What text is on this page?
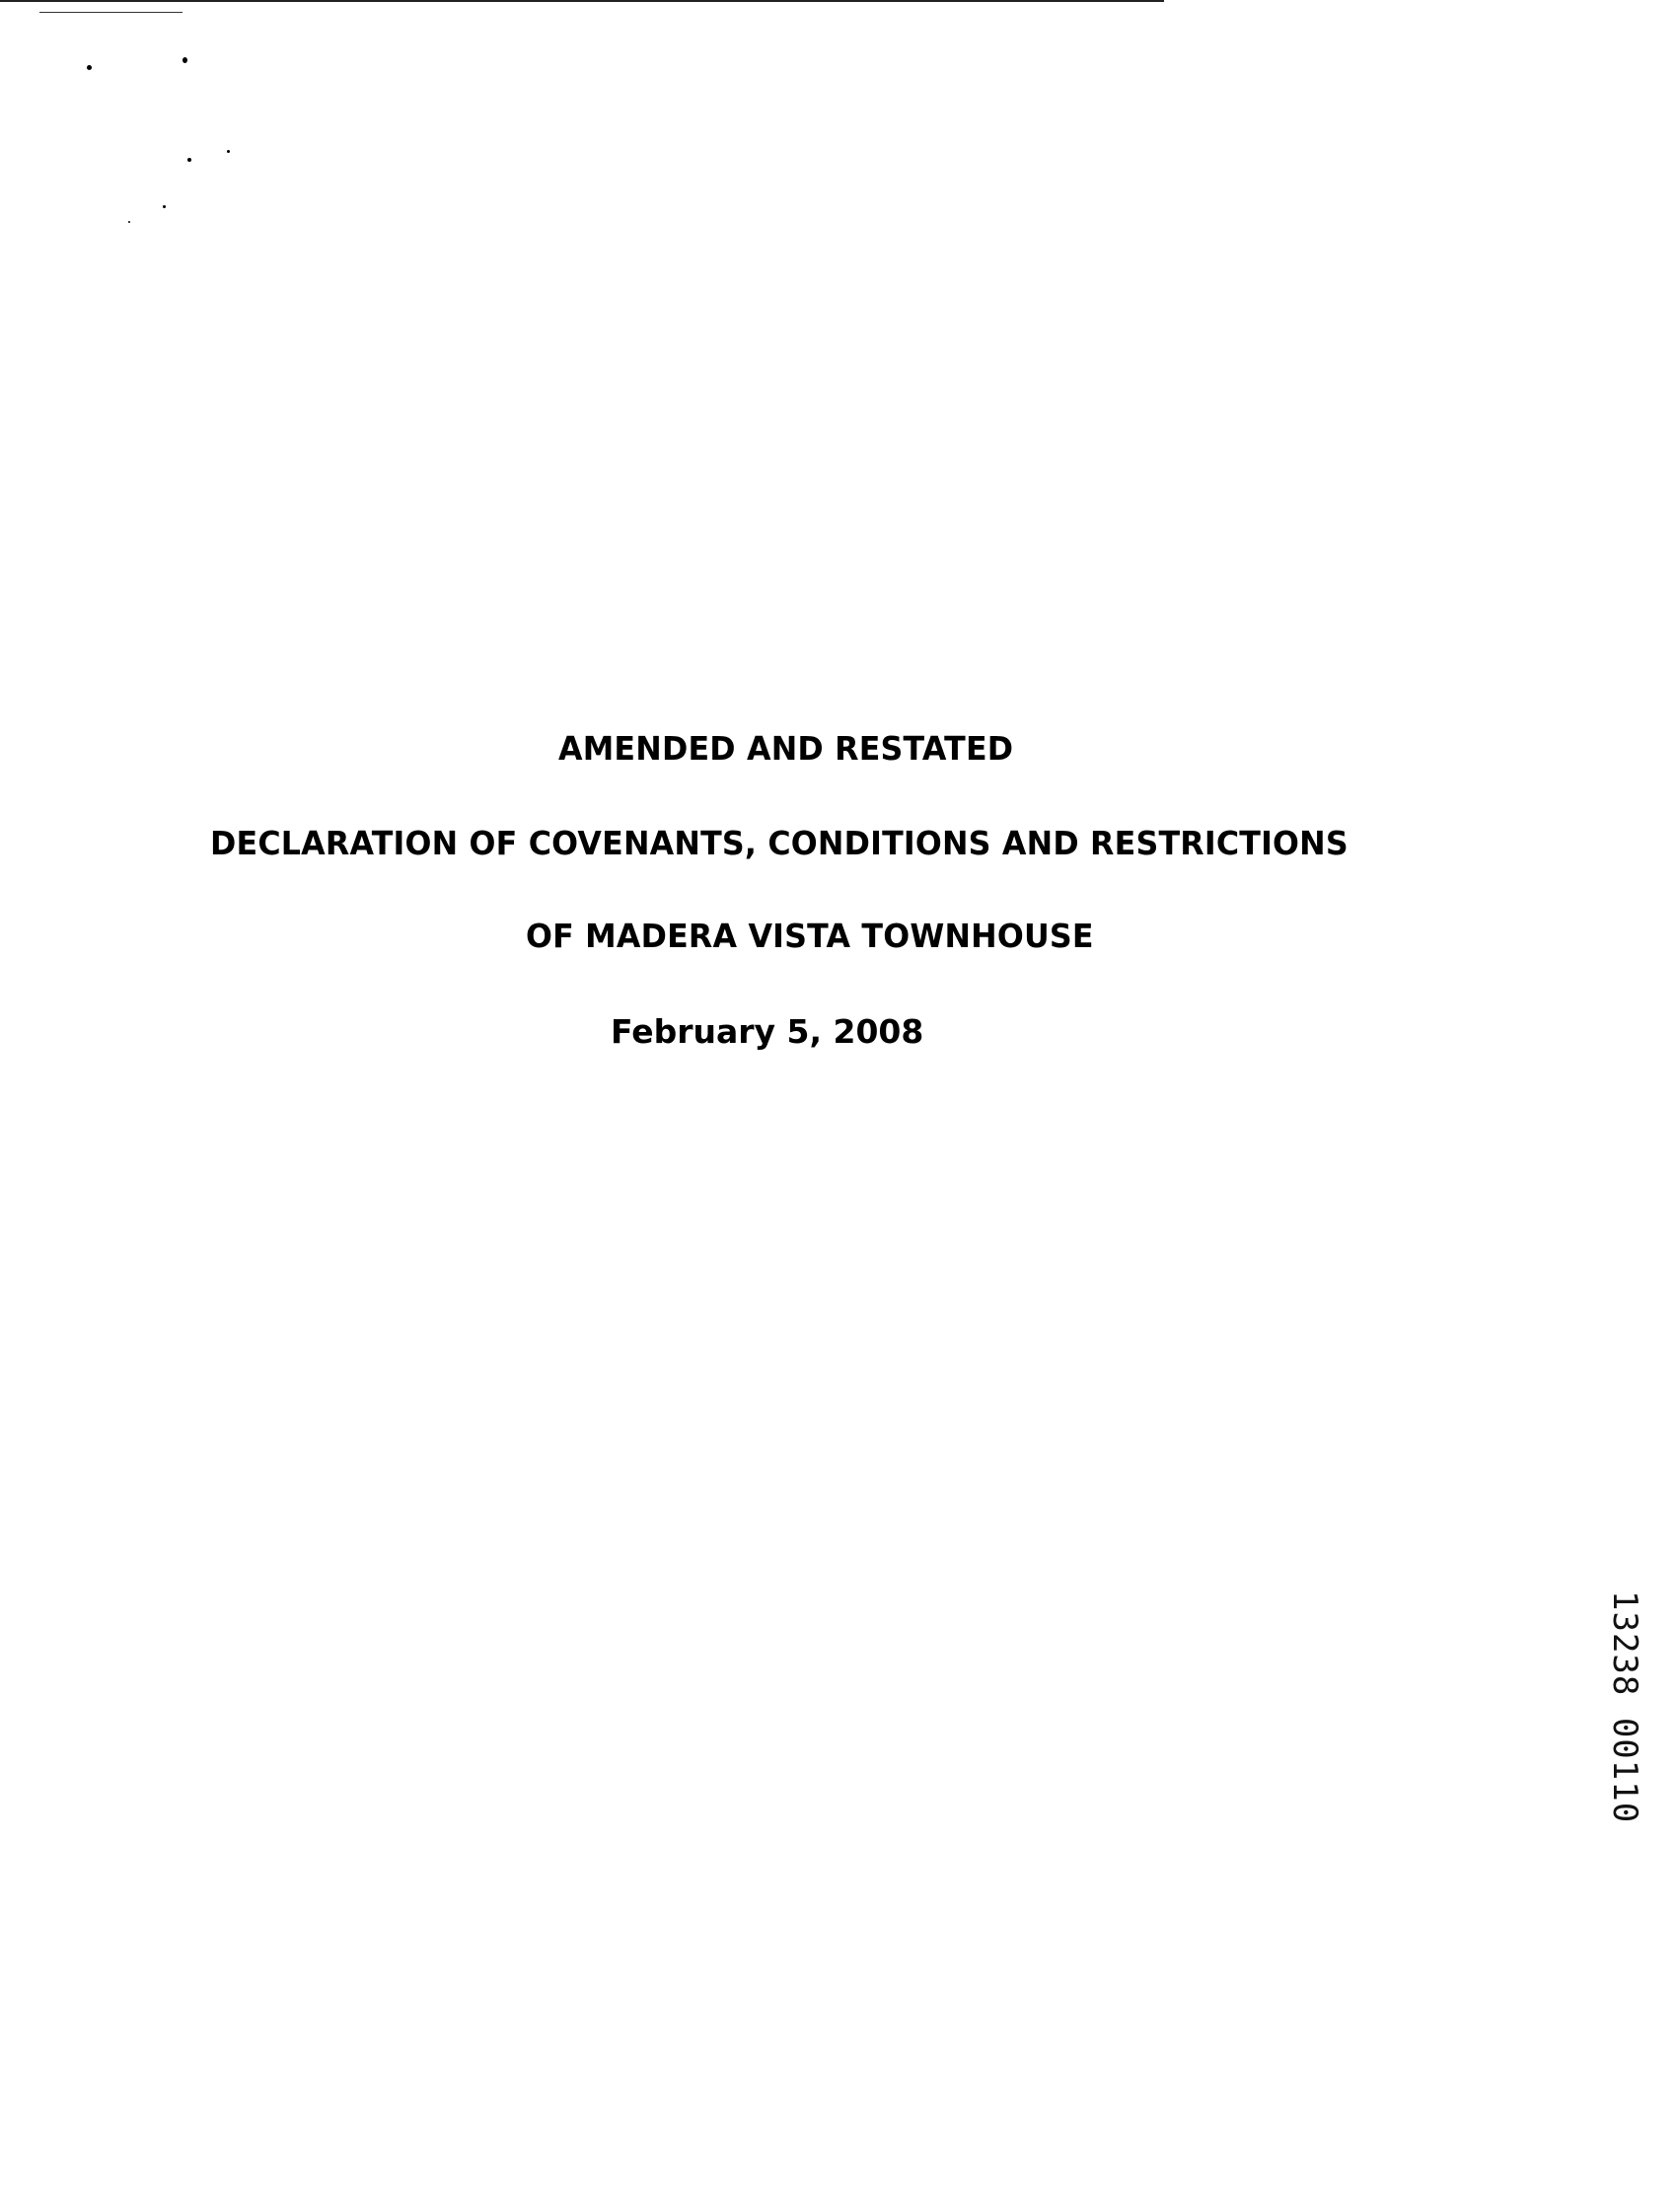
AMENDED AND RESTATED
DECLARATION OF COVENANTS, CONDITIONS AND RESTRICTIONS
OF MADERA VISTA TOWNHOUSE

February 5, 2008

13238 00110
